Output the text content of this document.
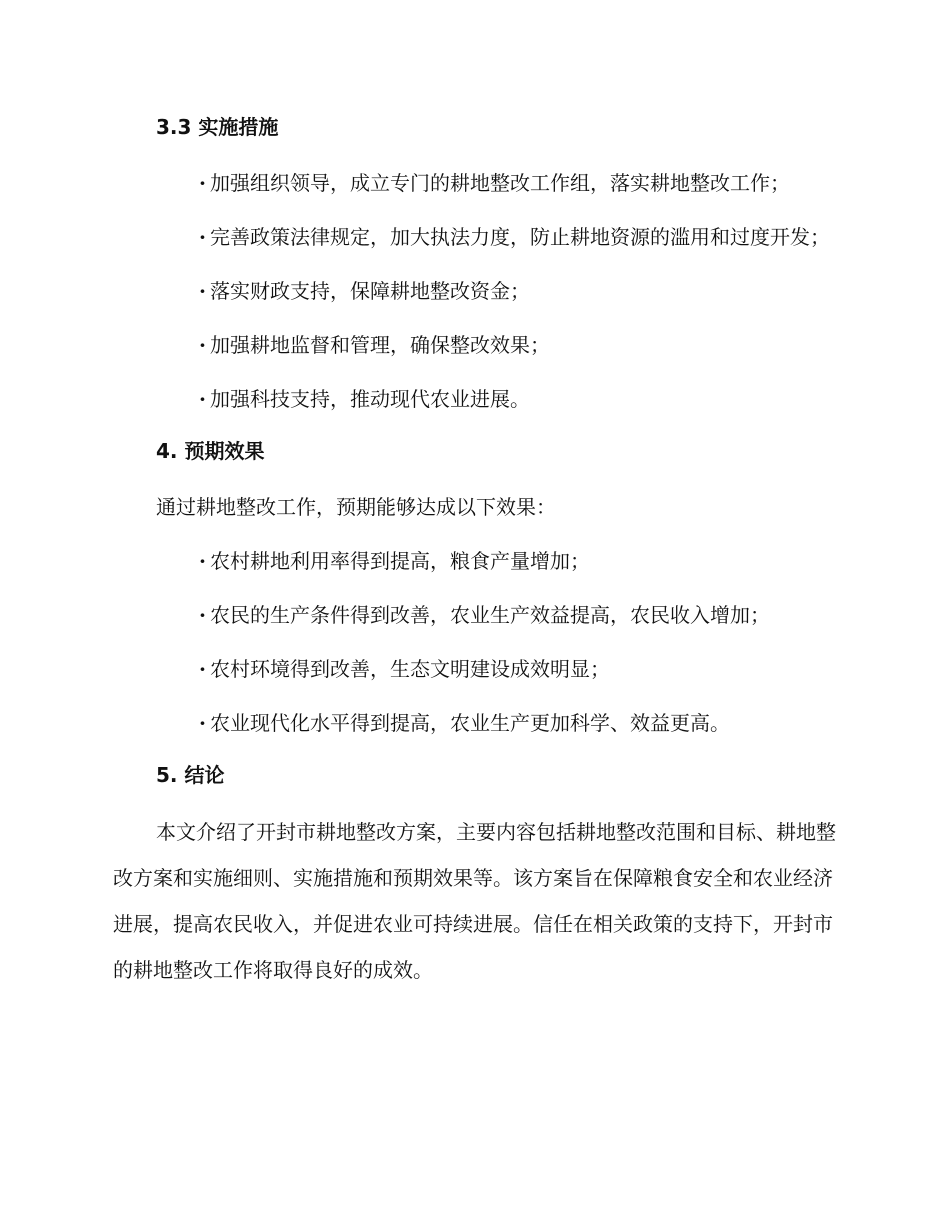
3.3 实施措施
· 加强组织领导，成立专门的耕地整改工作组，落实耕地整改工作；
· 完善政策法律规定，加大执法力度，防止耕地资源的滥用和过度开发；
· 落实财政支持，保障耕地整改资金；
· 加强耕地监督和管理，确保整改效果；
· 加强科技支持，推动现代农业进展。
4. 预期效果
通过耕地整改工作，预期能够达成以下效果：
· 农村耕地利用率得到提高，粮食产量增加；
· 农民的生产条件得到改善，农业生产效益提高，农民收入增加；
· 农村环境得到改善，生态文明建设成效明显；
· 农业现代化水平得到提高，农业生产更加科学、效益更高。
5. 结论
本文介绍了开封市耕地整改方案，主要内容包括耕地整改范围和目标、耕地整改方案和实施细则、实施措施和预期效果等。该方案旨在保障粮食安全和农业经济进展，提高农民收入，并促进农业可持续进展。信任在相关政策的支持下，开封市的耕地整改工作将取得良好的成效。
